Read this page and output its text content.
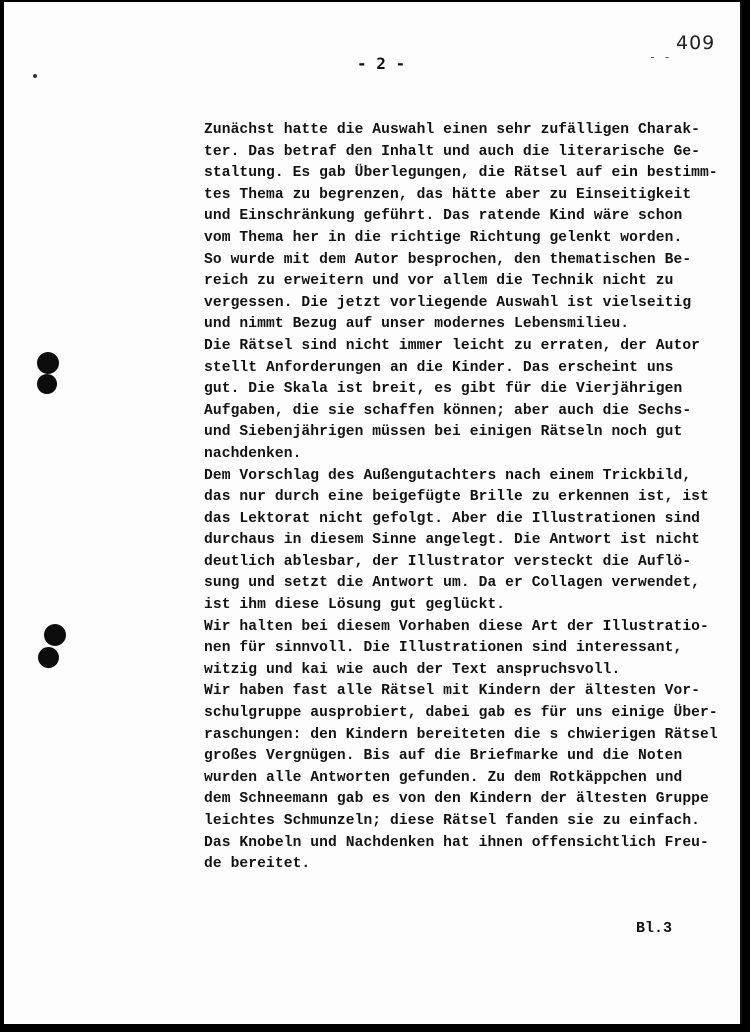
409
- -
- 2 -
Zunächst hatte die Auswahl einen sehr zufälligen Charak-
ter. Das betraf den Inhalt und auch die literarische Ge-
staltung. Es gab Überlegungen, die Rätsel auf ein bestimm-
tes Thema zu begrenzen, das hätte aber zu Einseitigkeit
und Einschränkung geführt. Das ratende Kind wäre schon
vom Thema her in die richtige Richtung gelenkt worden.
So wurde mit dem Autor besprochen, den thematischen Be-
reich zu erweitern und vor allem die Technik nicht zu
vergessen. Die jetzt vorliegende Auswahl ist vielseitig
und nimmt Bezug auf unser modernes Lebensmilieu.
Die Rätsel sind nicht immer leicht zu erraten, der Autor
stellt Anforderungen an die Kinder. Das erscheint uns
gut. Die Skala ist breit, es gibt für die Vierjährigen
Aufgaben, die sie schaffen können; aber auch die Sechs-
und Siebenjährigen müssen bei einigen Rätseln noch gut
nachdenken.
Dem Vorschlag des Außengutachters nach einem Trickbild,
das nur durch eine beigefügte Brille zu erkennen ist, ist
das Lektorat nicht gefolgt. Aber die Illustrationen sind
durchaus in diesem Sinne angelegt. Die Antwort ist nicht
deutlich ablesbar, der Illustrator versteckt die Auflö-
sung und setzt die Antwort um. Da er Collagen verwendet,
ist ihm diese Lösung gut geglückt.
Wir halten bei diesem Vorhaben diese Art der Illustratio-
nen für sinnvoll. Die Illustrationen sind interessant,
witzig und kai wie auch der Text anspruchsvoll.
Wir haben fast alle Rätsel mit Kindern der ältesten Vor-
schulgruppe ausprobiert, dabei gab es für uns einige Über-
raschungen: den Kindern bereiteten die s chwierigen Rätsel
großes Vergnügen. Bis auf die Briefmarke und die Noten
wurden alle Antworten gefunden. Zu dem Rotkäppchen und
dem Schneemann gab es von den Kindern der ältesten Gruppe
leichtes Schmunzeln; diese Rätsel fanden sie zu einfach.
Das Knobeln und Nachdenken hat ihnen offensichtlich Freu-
de bereitet.
Bl.3
